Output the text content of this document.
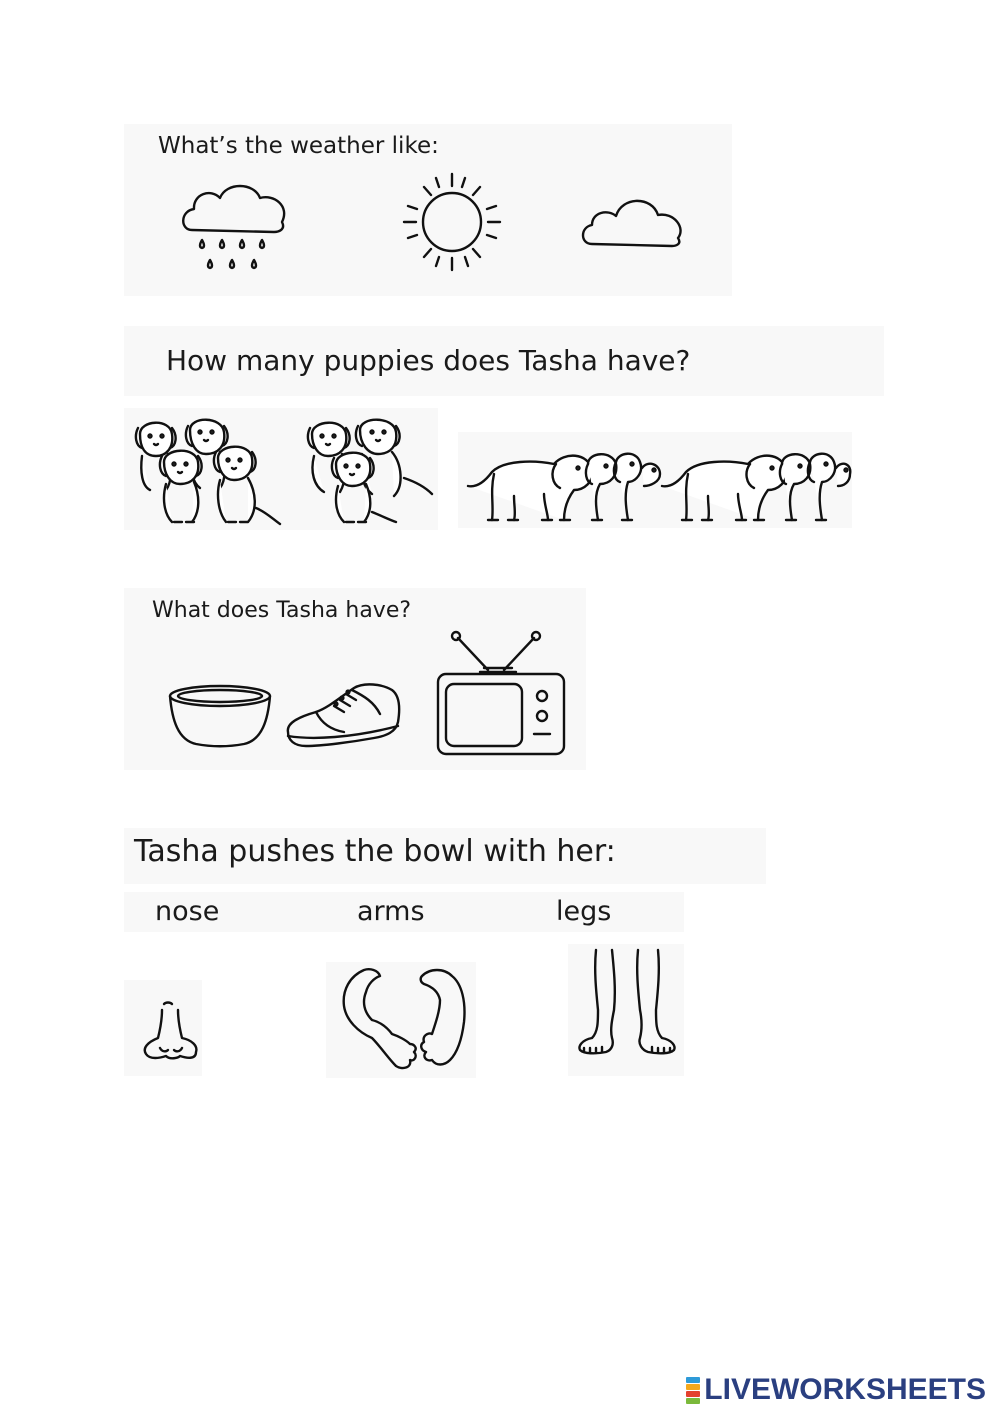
What’s the weather like:
How many puppies does Tasha have?
What does Tasha have?
Tasha pushes the bowl with her:
nose	arms	legs
LIVEWORKSHEETS
